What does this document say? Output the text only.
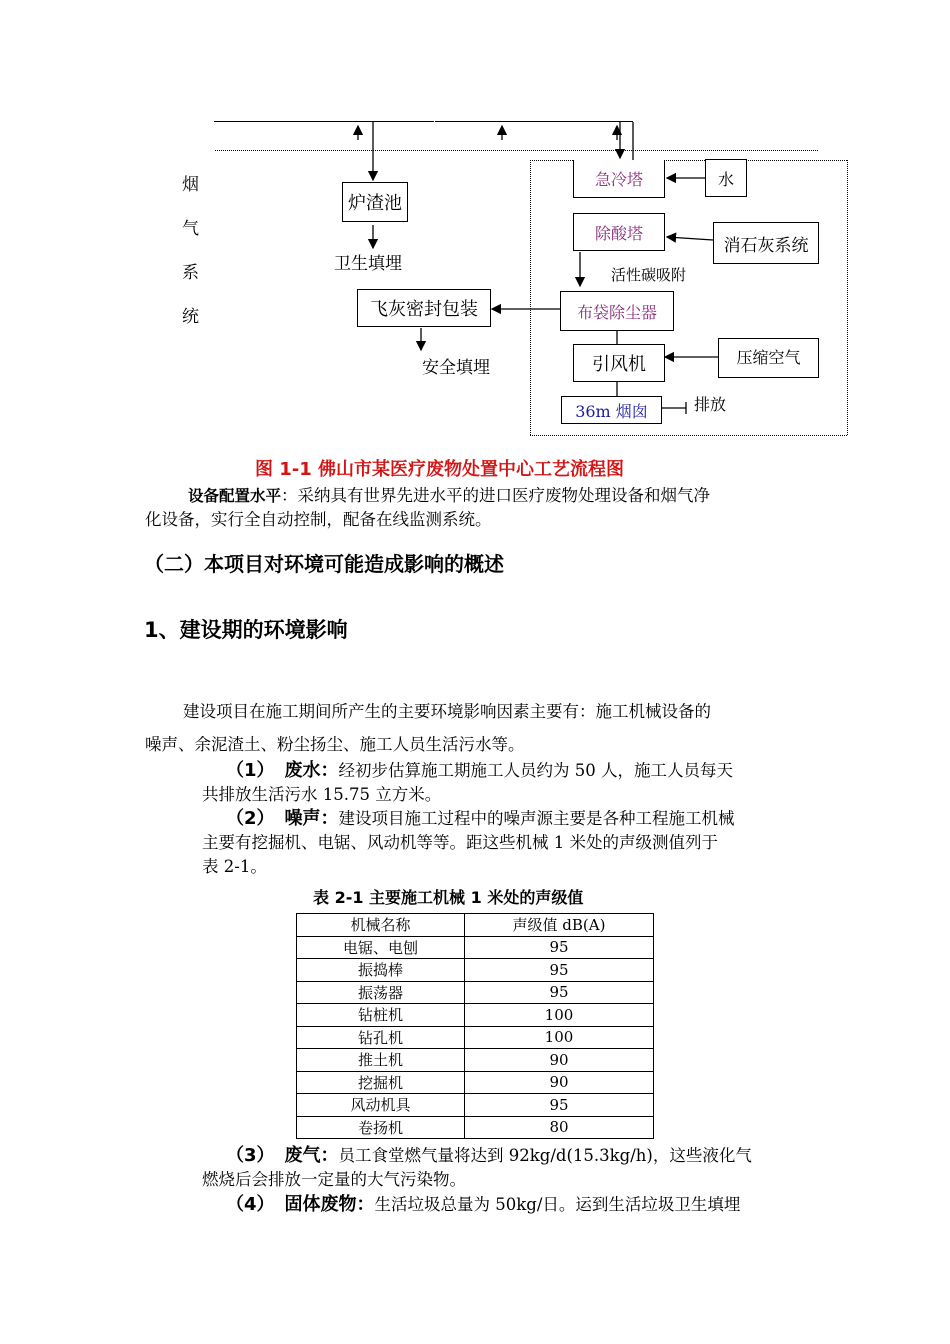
烟
气
系
统
炉渣池
卫生填埋
飞灰密封包装
安全填埋
急冷塔	水
除酸塔
消石灰系统
活性碳吸附
布袋除尘器
引风机	压缩空气
36m 烟囱	排放
图 1-1 佛山市某医疗废物处置中心工艺流程图
设备配置水平：采纳具有世界先进水平的进口医疗废物处理设备和烟气净
化设备，实行全自动控制，配备在线监测系统。
（二）本项目对环境可能造成影响的概述
1、建设期的环境影响
建设项目在施工期间所产生的主要环境影响因素主要有：施工机械设备的
噪声、余泥渣土、粉尘扬尘、施工人员生活污水等。
（1） 废水：经初步估算施工期施工人员约为 50 人，施工人员每天
共排放生活污水 15.75 立方米。
（2） 噪声：建设项目施工过程中的噪声源主要是各种工程施工机械
主要有挖掘机、电锯、风动机等等。距这些机械 1 米处的声级测值列于
表 2-1。
表 2-1 主要施工机械 1 米处的声级值
机械名称	声级值 dB(A)
电锯、电刨	95
振捣棒	95
振荡器	95
钻桩机	100
钻孔机	100
推土机	90
挖掘机	90
风动机具	95
卷扬机	80
（3） 废气：员工食堂燃气量将达到 92kg/d(15.3kg/h)，这些液化气
燃烧后会排放一定量的大气污染物。
（4） 固体废物：生活垃圾总量为 50kg/日。运到生活垃圾卫生填埋
